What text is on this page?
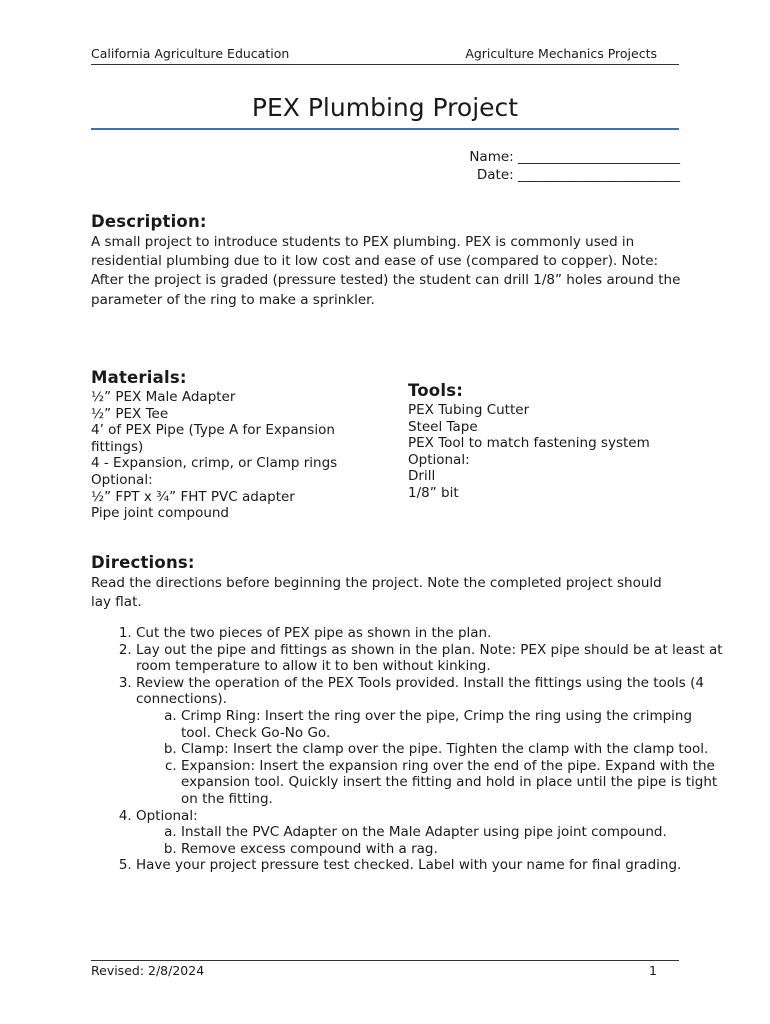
California Agriculture Education	Agriculture Mechanics Projects
PEX Plumbing Project
Name: ________________________
Date: ________________________
Description:

A small project to introduce students to PEX plumbing. PEX is commonly used in residential plumbing due to it low cost and ease of use (compared to copper). Note: After the project is graded (pressure tested) the student can drill 1/8” holes around the parameter of the ring to make a sprinkler.

Materials:
½” PEX Male Adapter
½” PEX Tee
4’ of PEX Pipe (Type A for Expansion fittings)
4 - Expansion, crimp, or Clamp rings
Optional:
½” FPT x ¾” FHT PVC adapter
Pipe joint compound
Tools:
PEX Tubing Cutter
Steel Tape
PEX Tool to match fastening system
Optional:
Drill
1/8” bit
Directions:

Read the directions before beginning the project. Note the completed project should lay flat.

1. Cut the two pieces of PEX pipe as shown in the plan.
2. Lay out the pipe and fittings as shown in the plan. Note: PEX pipe should be at least at room temperature to allow it to ben without kinking.
3. Review the operation of the PEX Tools provided. Install the fittings using the tools (4 connections).
a. Crimp Ring: Insert the ring over the pipe, Crimp the ring using the crimping tool. Check Go-No Go.
b. Clamp: Insert the clamp over the pipe. Tighten the clamp with the clamp tool.
c. Expansion: Insert the expansion ring over the end of the pipe. Expand with the expansion tool. Quickly insert the fitting and hold in place until the pipe is tight on the fitting.
4. Optional:
a. Install the PVC Adapter on the Male Adapter using pipe joint compound.
b. Remove excess compound with a rag.
5. Have your project pressure test checked. Label with your name for final grading.
Revised: 2/8/2024	1
